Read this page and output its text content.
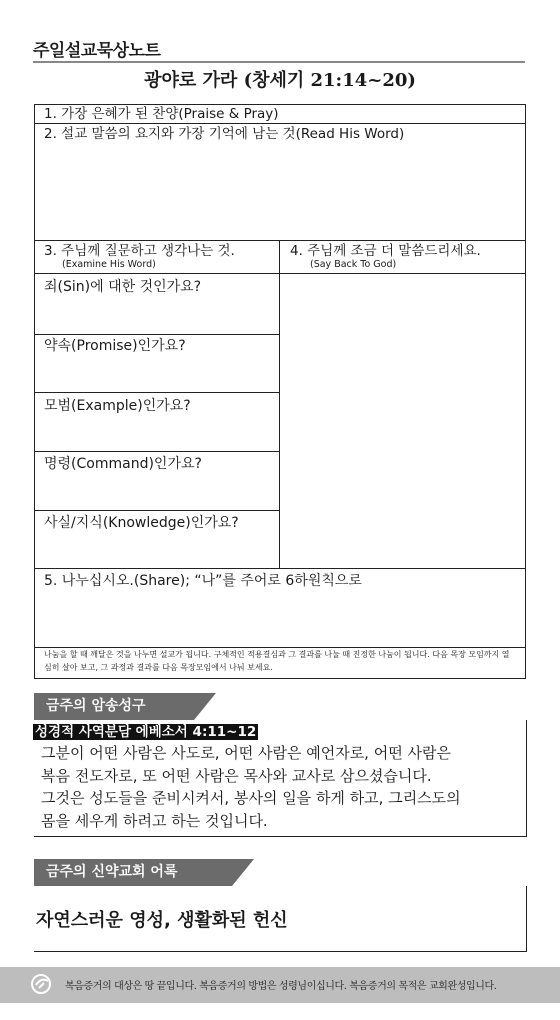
주일설교묵상노트
광야로 가라 (창세기 21:14~20)
1. 가장 은혜가 된 찬양(Praise & Pray)
2. 설교 말씀의 요지와 가장 기억에 남는 것(Read His Word)
3. 주님께 질문하고 생각나는 것.
(Examine His Word)
4. 주님께 조금 더 말씀드리세요.
(Say Back To God)
죄(Sin)에 대한 것인가요?
약속(Promise)인가요?
모범(Example)인가요?
명령(Command)인가요?
사실/지식(Knowledge)인가요?
5. 나누십시오.(Share); “나”를 주어로 6하원칙으로
나눔을 할 때 깨달은 것을 나누면 설교가 됩니다. 구체적인 적용결심과 그 결과를 나눌 때 진정한 나눔이 됩니다. 다음 목장 모임까지 열심히 살아 보고, 그 과정과 결과를 다음 목장모임에서 나눠 보세요.
금주의 암송성구
성경적 사역분담 에베소서 4:11~12
그분이 어떤 사람은 사도로, 어떤 사람은 예언자로, 어떤 사람은
복음 전도자로, 또 어떤 사람은 목사와 교사로 삼으셨습니다.
그것은 성도들을 준비시켜서, 봉사의 일을 하게 하고, 그리스도의
몸을 세우게 하려고 하는 것입니다.
금주의 신약교회 어록
자연스러운 영성, 생활화된 헌신
복음증거의 대상은 땅 끝입니다. 복음증거의 방법은 성령님이십니다. 복음증거의 목적은 교회완성입니다.
